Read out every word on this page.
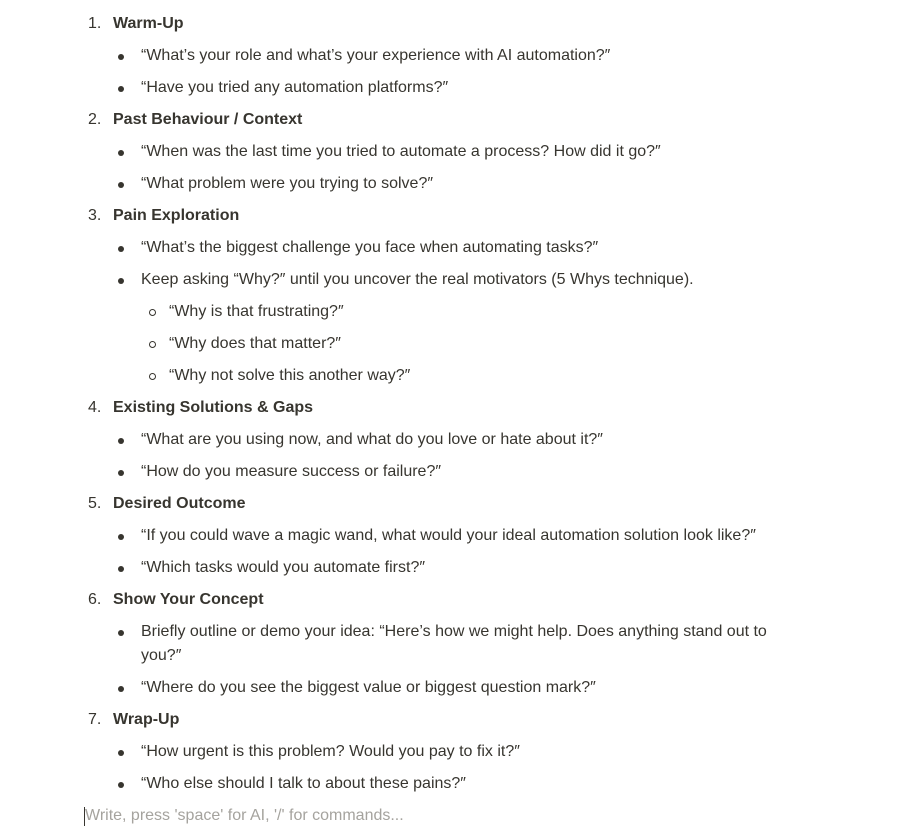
1. Warm-Up
“What’s your role and what’s your experience with AI automation?″
“Have you tried any automation platforms?″
2. Past Behaviour / Context
“When was the last time you tried to automate a process? How did it go?″
“What problem were you trying to solve?″
3. Pain Exploration
“What’s the biggest challenge you face when automating tasks?″
Keep asking “Why?″ until you uncover the real motivators (5 Whys technique).
“Why is that frustrating?″
“Why does that matter?″
“Why not solve this another way?″
4. Existing Solutions & Gaps
“What are you using now, and what do you love or hate about it?″
“How do you measure success or failure?″
5. Desired Outcome
“If you could wave a magic wand, what would your ideal automation solution look like?″
“Which tasks would you automate first?″
6. Show Your Concept
Briefly outline or demo your idea: “Here’s how we might help. Does anything stand out to you?″
“Where do you see the biggest value or biggest question mark?″
7. Wrap-Up
“How urgent is this problem? Would you pay to fix it?″
“Who else should I talk to about these pains?″
Write, press 'space' for AI, '/' for commands...
